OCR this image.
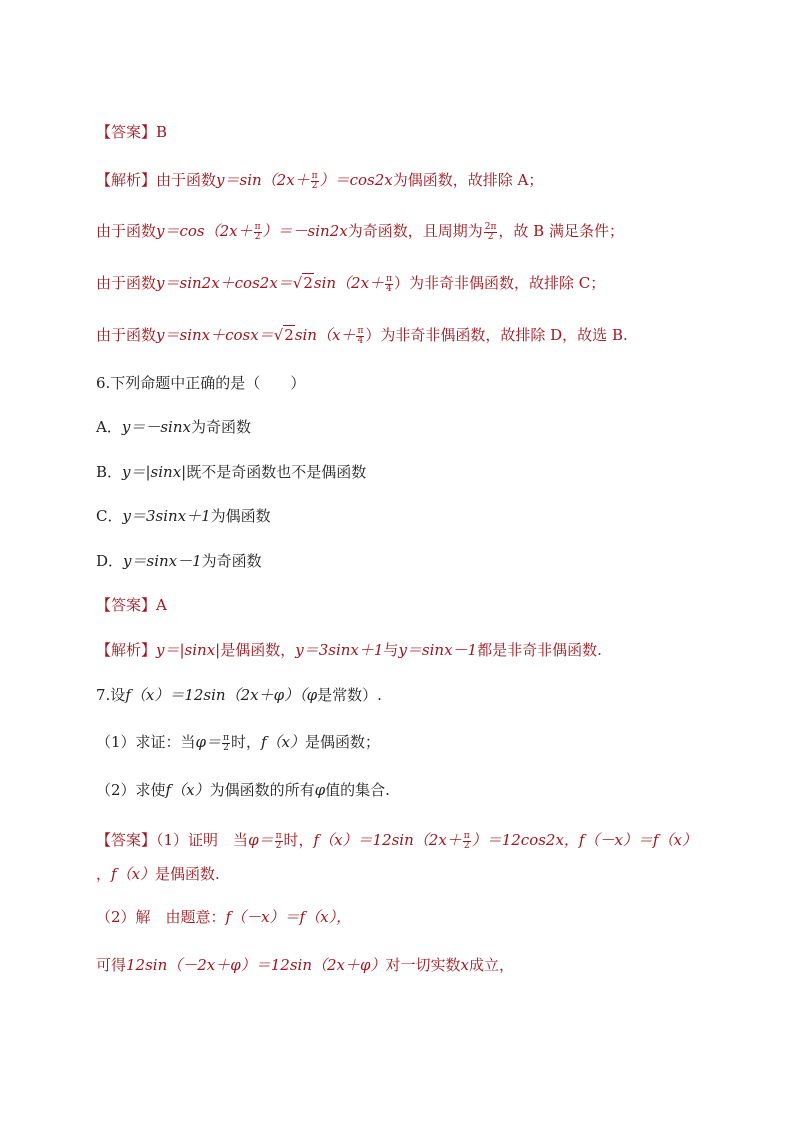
【答案】B
【解析】由于函数$y=\sin(2x+ \frac{\pi}{2} )=\cos 2x$为偶函数，故排除 A；
由于函数$y=\cos(2x+ \frac{\pi}{2} )=-\sin 2x$为奇函数，且周期为 $\frac{2\pi}{2}$ ，故 B 满足条件；
由于函数$y=\sin 2x+\cos 2x=√2\sin(2x+ \frac{\pi}{4}$ ）为非奇非偶函数，故排除 C；
由于函数$y=\sin x+\cos x=√2\sin(x+ \frac{\pi}{4}$ ）为非奇非偶函数，故排除 D，故选 B.
6.下列命题中正确的是（　　）
A．y＝－sinx为奇函数
B．y＝|sinx|既不是奇函数也不是偶函数
C．y＝3sinx＋1为偶函数
D．y＝sinx－1为奇函数
【答案】A
【解析】y＝|sinx|是偶函数，y＝3sinx＋1与y＝sinx－1都是非奇非偶函数.
7.设f（x）＝12sin（2x＋φ）（φ是常数）.
（1）求证：当$\varphi= \frac{\pi}{2}$ 时，f（x）是偶函数；
（2）求使f（x）为偶函数的所有φ值的集合.
【答案】（1）证明　当$\varphi= \frac{\pi}{2}$ 时，$f(x)=12\sin(2x+ \frac{\pi}{2} )=12\cos 2x$，f（－x）＝f（x）
，f（x）是偶函数.
（2）解　由题意：f（－x）＝f（x），
可得12sin（－2x＋φ）＝12sin（2x＋φ）对一切实数x成立，
